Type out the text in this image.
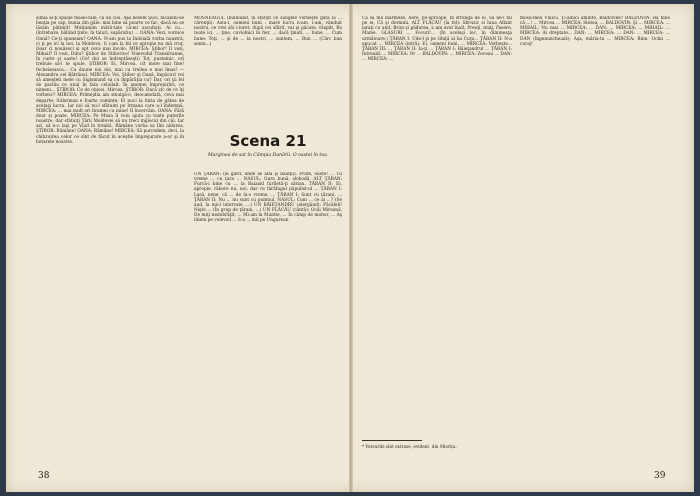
silnia ai-ţi spăsie măsei-tale, ca un cioi. Aşa nesem Şuci, făcându-se beaţia pe cap, bunia din găie: mai bine să poarte ce fac, dacă nu se lăsăm pătimit! Mulţumim mării-tale că-mi ascultaţi. Ai cu... (întrebare, bătând ţinte, în taluri, supăratiu) ... OANA: Vezi, vornice Oană? Ce-ţi spuneam? OANA: N-am pus la Indoială vorba noastră, ci ţi pe ici la noi, la Moldova, ti i-am la fel ce apropie nu mă cruţ. Doar ci nouăzeci şi opt ceva mai încolo. MIRCEA: Ştibor! Il vezi, Mihail? Il vezi, Dinu? Ştibor de Stiborice! Voievodul Transilvaniei, în curte şi oaste! (Ce! doi se îndreptăseşti) Tot, pusteinic, ori trebuie să-l te spuie. ŞTIBOR: Ei, Mircea, cit more mai fine! fecheiseasca... Cu daune noi doi, mai cu treilea e mai îmas! — Alexandru cel Bătrânul. MIRCEA: Voi, Ştibor şi Oană, împăcari voi să ameşteti mele cu Sigismund sa cu împărăţia cu? Dar, ori ţii fel de pavilia ce unul în fata celuilalt. În anumei împrejurări, ce nimeni... ŞTIBOR: Ce de obicei, Mircea. ŞTIBOR: Dacă zic de ce îţi vorbesc? MIRCEA: Primejdia am smulgă-o, deocamdată, ceva mai departe: Sitlerman e foarte cuminte; El nuci la furia de gătea de acelaşi lucru. Iar noi să nu-l sfătuim pe Irmana care a-l îndemnă. MIRCEA: ... mai mult ori tiramei cu mine! Il încercăm. OANA: Fără doar şi poate. MIRCEA: Pe Musa îl voiu ajuta cu toate puterile noastre, dar sfătuiţi Ţării Moldovei să nu treci mijlocul din căi. Iar azi, să n-o laşi pe Vlad în treabă. Râmâne vorba sa Ilm aldarea. ŞTIBOR: Râmâne! OANA: Râmâne! MIRCEA: Să purcedem, deci, la chibzuirea celor ce sînt de făcut în aceştie împrejurare a-or şi în hotarele noastre.

MOSNEAGUL (bulibiind, la sfârşit ce sângele vorbeşte gata la ... cărenţii): Asta-i, oameni buni : mare lucru n-am, i-am, vânduit nostru, ce vrei săi i-iuret, după cei sfârit, vai şi păcate, văsplit, Ba toate ici, ... ţine, cuviolnici în fier, ... dacă ţinuti, ... bune, ... Cum bune: Toţi, ... şi de ... la nostri, ... suntem, ... Bun ... (Cârc bun semn...)

Scena 21
Marginea de sat în Câmpia Dunării. O oastei în tus.

UN ŢĂRAN: (la gard, unde se află şi băieţii). Frate, oaste! ... Tu vreme ... cu ţara ... NASUL: Gura bună, slobodă. ALT ŢĂRAN: Furcă-i bine cu ... la Baiazid furiletă-ţi săriau. TĂRAN II: Ei, apropie, răbore nu, noi, dar cu târăfugul păpulist-ul ... ŢĂRAN I: Lasă, nene, că ... de la-o vreme, ... ŢĂRAN I: Sunt cu ţărani, ... ŢĂRAN II: Nu ... nu sunt cu pumnul. NASUL: Cum ... ce ai ...? (Se aud, la mici intervale, ...) UN BĂIEŢANDRU (alergând): Păcăleli! Nişte ... (În grup de ţărani, ...) UN FLĂCĂU (cântă): Ocăi Mireană, De miţi nedobrăţit, ... Mi-am la Muntie, ... În câmp de mohor, ... Aş tăiem pe voievod ... S-a ... mii pe Ungurean

Ca să ma înarmeze, Aere, pe-aproape, În strunga de ei, Să ne-i tai pe ei, Că şi dormini. ALT FLĂCĂU (la fel): Sbruzic si luna Aflant iaraţi cu unit, Brun şi pădurea, L-am avut înalt, Preoţi, muţi, Pasere, Mame. GLASURI ... Focuri!... (În acelaşi loc, în dimineaţa următoare.) ŢĂRAN I: Ude-l şi pe Ghiţă al lui Cuţu... ŢĂRAN II: N-a apucat ... MIRCEA (intră): Ei, oameni buni, ... MIRCEA: Vorbeşte... ŢĂRAN III: ... ŢĂRAN II: Ia-ţi ... ŢĂRAN I: Băieţandrul ... ŢĂRAN I: Întreabă ... MIRCEA: Or ... BALDOVIN: ... MIRCEA: Zeceau ... DAN: ... MIRCEA: ...

* Versurile sînt extrase, evident, din Miorița.

mosu-meu Vlaicu. Ţi-aduci aminte, Baldovine? BALDOVIN: Ba bine că ...! ... Mircea ... MIRCEA: Stetea, ... BALDOVIN: Şi ... MIRCEA: ... MIHAIL: Nu mai ... MIRCEA: ... DAN: ... MIRCEA: ... MIHAIL: ... MIRCEA: Ai dreptate... DAN: ... MIRCEA: ... DAN: ... MIRCEA: ... DAN (îngenunchează): Aşa, măria-ta ... MIRCEA: Bine. Ochii ... curaj!

38	39
